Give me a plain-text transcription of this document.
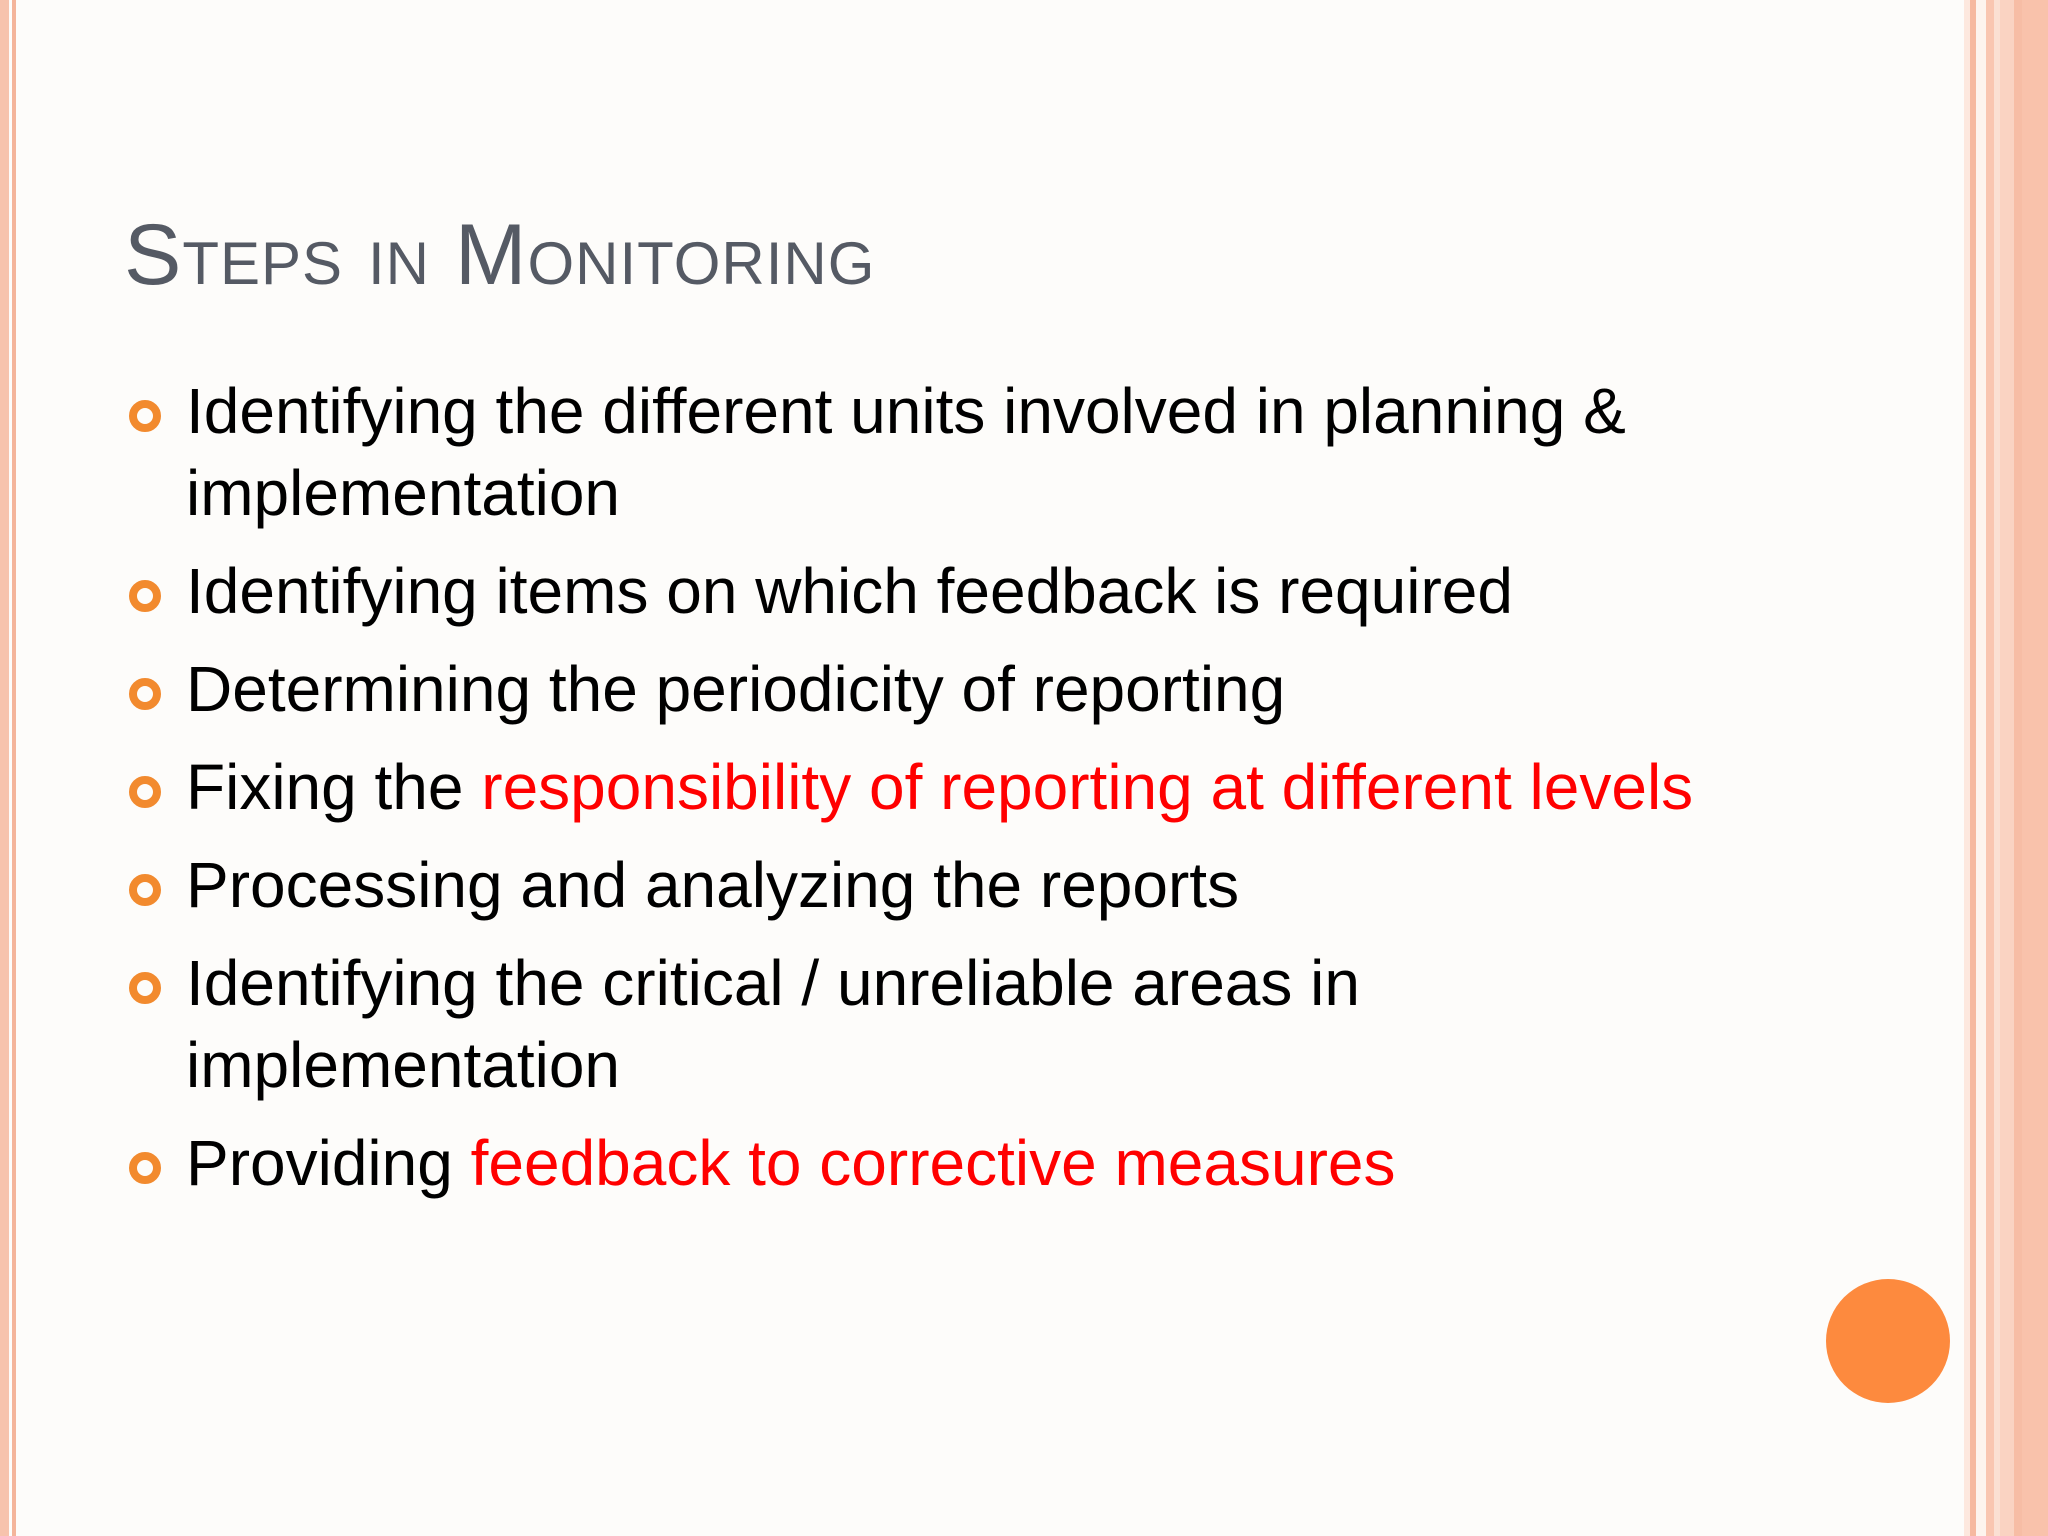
Steps in Monitoring
Identifying the different units involved in planning & implementation
Identifying items on which feedback is required
Determining the periodicity of reporting
Fixing the responsibility of reporting at different levels
Processing and analyzing the reports
Identifying the critical / unreliable areas in implementation
Providing feedback to corrective measures
